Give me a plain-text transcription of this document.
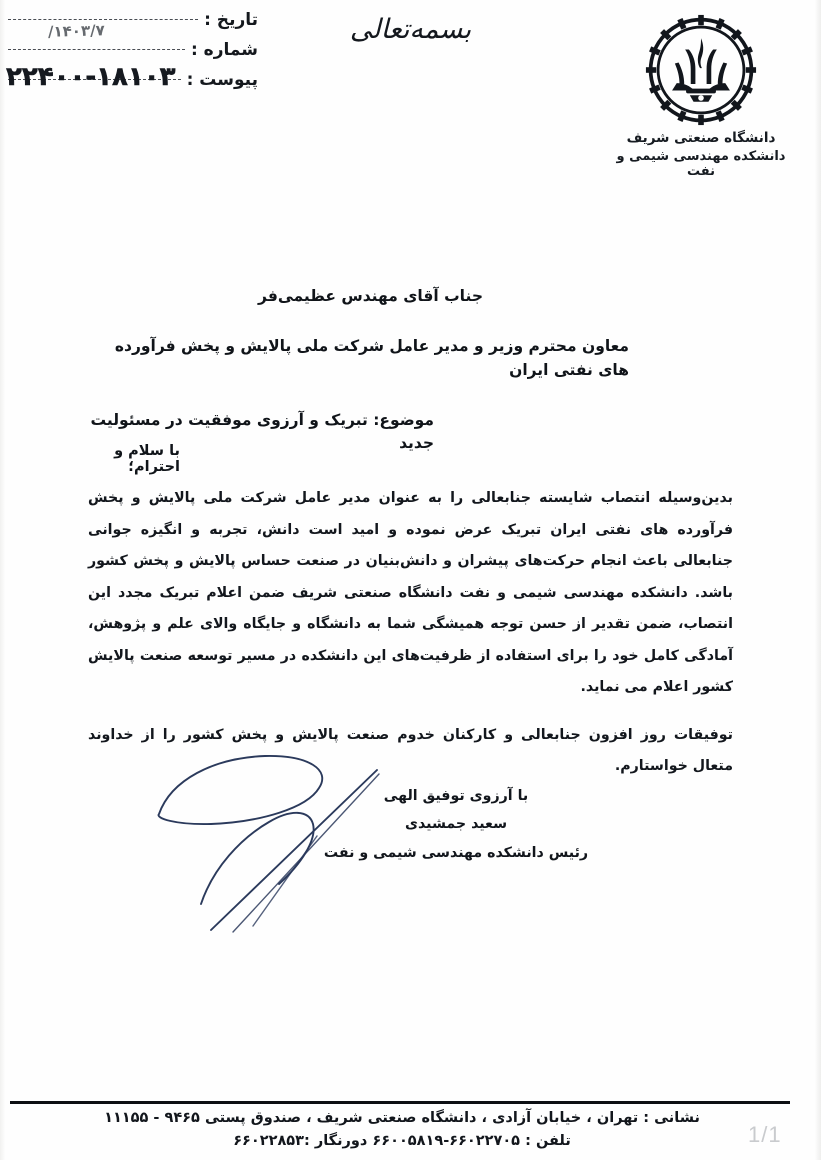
تاریخ :
شماره :
پیوست :
۱۴۰۳/۷/
۲۲۴۰۰-۱۸۱۰۳
بسمه‌تعالی
دانشگاه صنعتی شریف
دانشکده مهندسی شیمی و نفت
جناب آقای مهندس عظیمی‌فر
معاون محترم وزیر و مدیر عامل شرکت ملی پالایش و پخش فرآورده های نفتی ایران
موضوع: تبریک و آرزوی موفقیت در مسئولیت جدید
با سلام و احترام؛

بدین‌وسیله انتصاب شایسته جنابعالی را به عنوان مدیر عامل شرکت ملی پالایش و پخش فرآورده های نفتی ایران تبریک عرض نموده و امید است دانش، تجربه و انگیزه جوانی جنابعالی باعث انجام حرکت‌های پیشران و دانش‌بنیان در صنعت حساس پالایش و پخش کشور باشد. دانشکده مهندسی شیمی و نفت دانشگاه صنعتی شریف ضمن اعلام تبریک مجدد این انتصاب، ضمن تقدیر از حسن توجه همیشگی شما به دانشگاه و جایگاه والای علم و پژوهش، آمادگی کامل خود را برای استفاده از ظرفیت‌های این دانشکده در مسیر توسعه صنعت پالایش کشور اعلام می نماید.

توفیقات روز افزون جنابعالی و کارکنان خدوم صنعت پالایش و پخش کشور را از خداوند متعال خواستارم.

با آرزوی توفیق الهی
سعید جمشیدی
رئیس دانشکده مهندسی شیمی و نفت
نشانی : تهران ، خیابان آزادی ، دانشگاه صنعتی شریف ، صندوق پستی ۹۴۶۵ - ۱۱۱۵۵
تلفن : ۶۶۰۲۲۷۰۵-۶۶۰۰۵۸۱۹ دورنگار :۶۶۰۲۲۸۵۳	1/1
